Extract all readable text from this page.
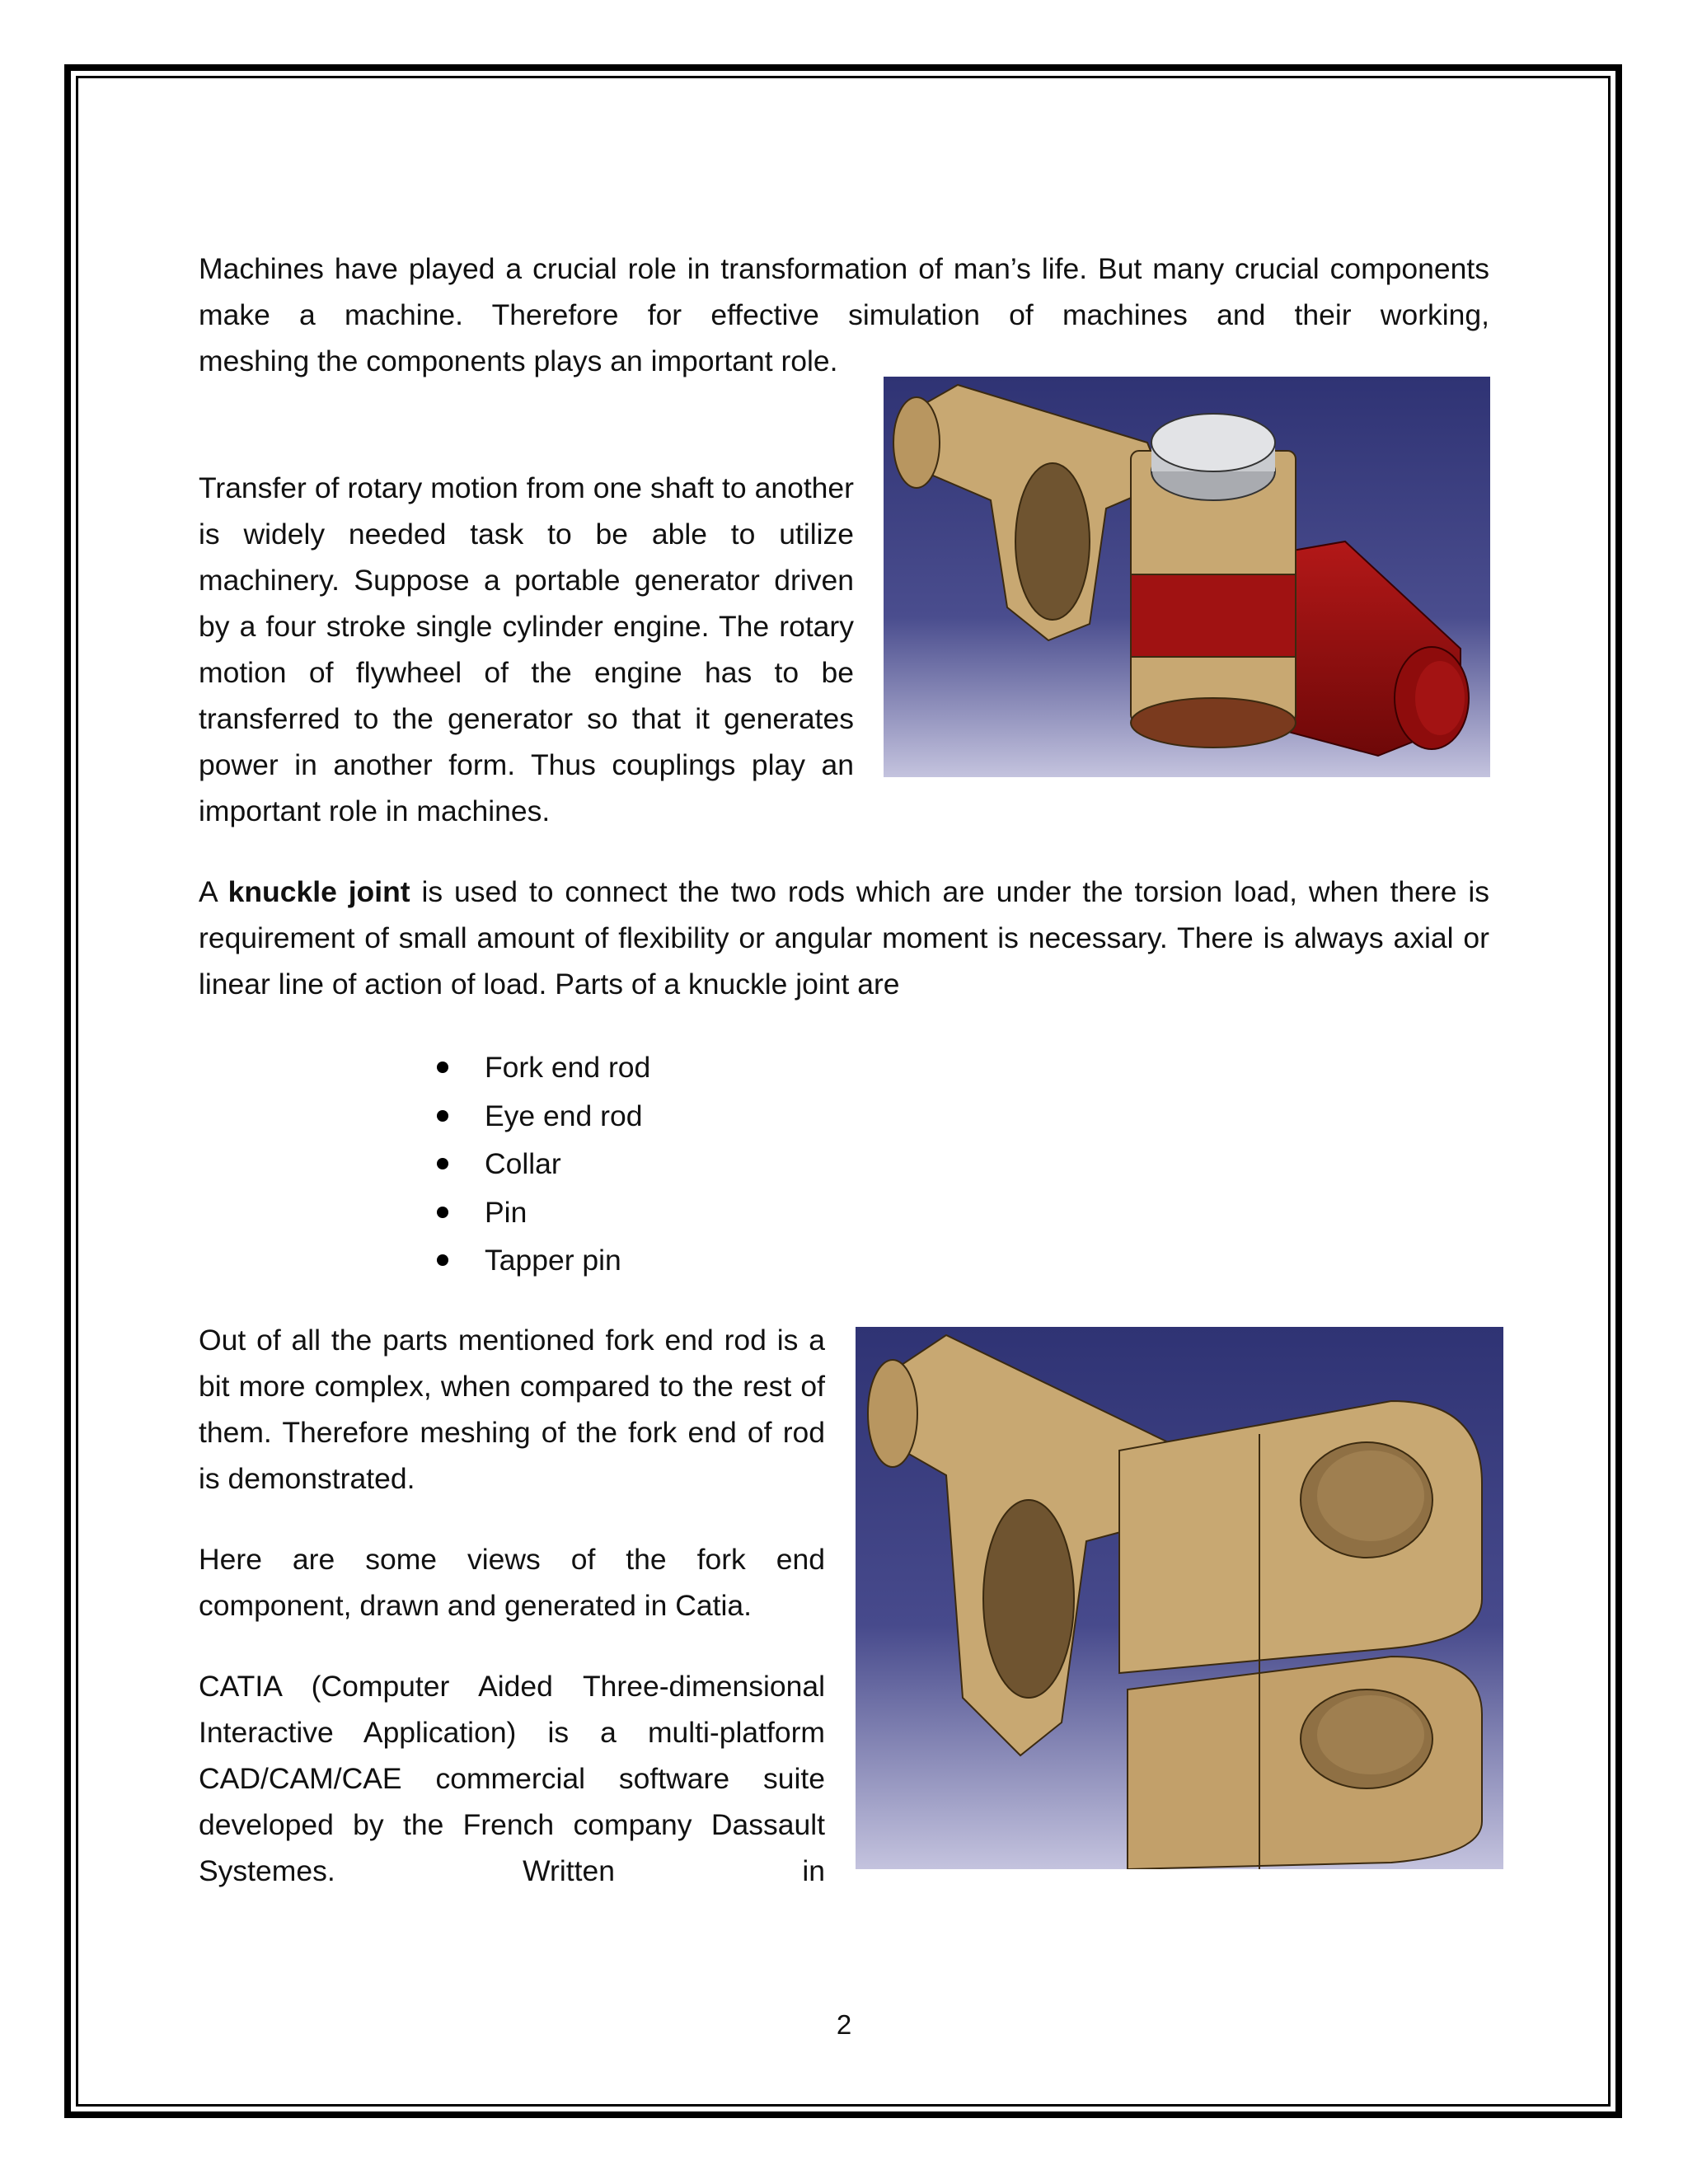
Machines have played a crucial role in transformation of man’s life. But many crucial components make a machine. Therefore for effective simulation of machines and their working,

meshing the components plays an important role.

Transfer of rotary motion from one shaft to another is widely needed task to be able to utilize machinery. Suppose a portable generator driven by a four stroke single cylinder engine. The rotary motion of flywheel of the engine has to be transferred to the generator so that it generates power in another form. Thus couplings play an important role in machines.

A knuckle joint is used to connect the two rods which are under the torsion load, when there is requirement of small amount of flexibility or angular moment is necessary. There is always axial or linear line of action of load. Parts of a knuckle joint are

Fork end rod
Eye end rod
Collar
Pin
Tapper pin

Out of all the parts mentioned fork end rod is a bit more complex, when compared to the rest of them. Therefore meshing of the fork end of rod is demonstrated.

Here are some views of the fork end component, drawn and generated in Catia.

CATIA (Computer Aided Three-dimensional Interactive Application) is a multi-platform CAD/CAM/CAE commercial software suite developed by the French company Dassault Systemes. Written in

2
